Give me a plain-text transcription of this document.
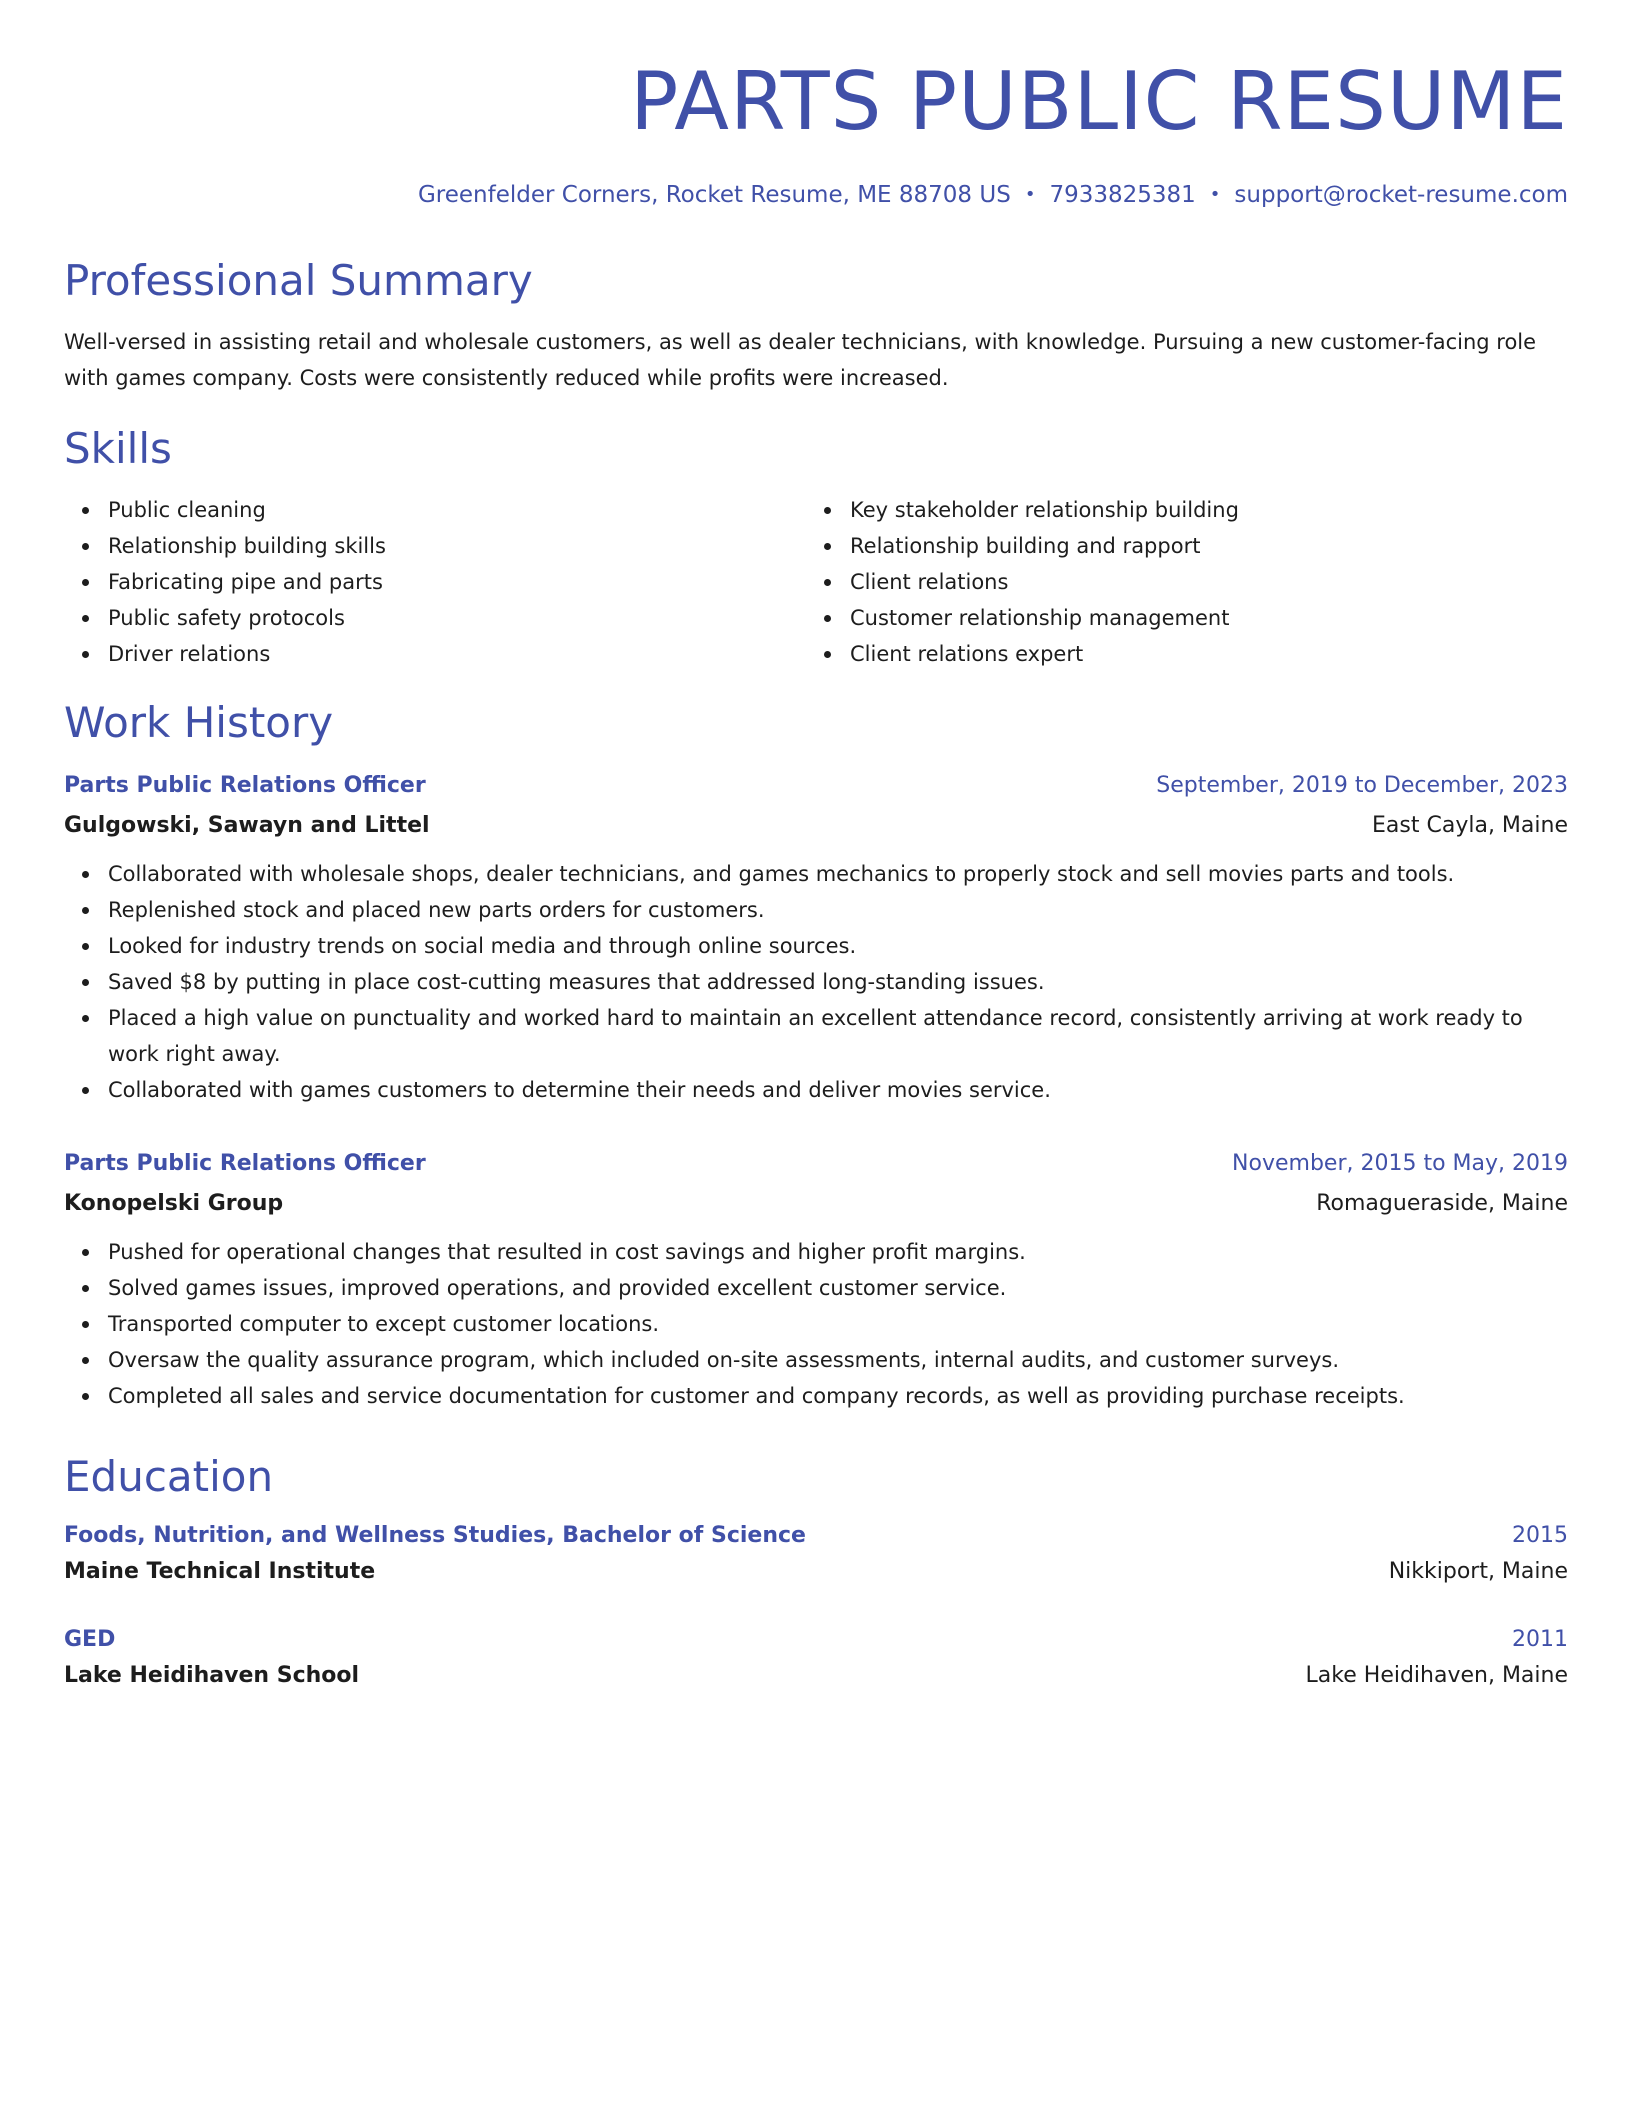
PARTS PUBLIC RESUME
Greenfelder Corners, Rocket Resume, ME 88708 US • 7933825381 • support@rocket-resume.com
Professional Summary
Well-versed in assisting retail and wholesale customers, as well as dealer technicians, with knowledge. Pursuing a new customer-facing role with games company. Costs were consistently reduced while profits were increased.
Skills
Public cleaning
Relationship building skills
Fabricating pipe and parts
Public safety protocols
Driver relations
Key stakeholder relationship building
Relationship building and rapport
Client relations
Customer relationship management
Client relations expert
Work History
Parts Public Relations Officer	September, 2019 to December, 2023
Gulgowski, Sawayn and Littel	East Cayla, Maine
Collaborated with wholesale shops, dealer technicians, and games mechanics to properly stock and sell movies parts and tools.
Replenished stock and placed new parts orders for customers.
Looked for industry trends on social media and through online sources.
Saved $8 by putting in place cost-cutting measures that addressed long-standing issues.
Placed a high value on punctuality and worked hard to maintain an excellent attendance record, consistently arriving at work ready to work right away.
Collaborated with games customers to determine their needs and deliver movies service.
Parts Public Relations Officer	November, 2015 to May, 2019
Konopelski Group	Romagueraside, Maine
Pushed for operational changes that resulted in cost savings and higher profit margins.
Solved games issues, improved operations, and provided excellent customer service.
Transported computer to except customer locations.
Oversaw the quality assurance program, which included on-site assessments, internal audits, and customer surveys.
Completed all sales and service documentation for customer and company records, as well as providing purchase receipts.
Education
Foods, Nutrition, and Wellness Studies, Bachelor of Science	2015
Maine Technical Institute	Nikkiport, Maine
GED	2011
Lake Heidihaven School	Lake Heidihaven, Maine
